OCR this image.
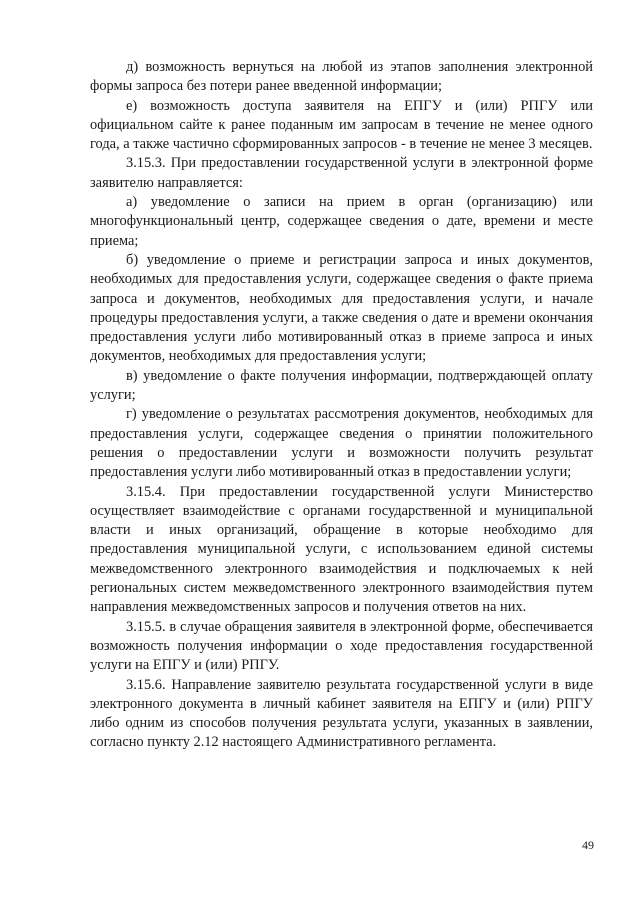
д) возможность вернуться на любой из этапов заполнения электронной формы запроса без потери ранее введенной информации;

е) возможность доступа заявителя на ЕПГУ и (или) РПГУ или официальном сайте к ранее поданным им запросам в течение не менее одного года, а также частично сформированных запросов - в течение не менее 3 месяцев.

3.15.3. При предоставлении государственной услуги в электронной форме заявителю направляется:

а) уведомление о записи на прием в орган (организацию) или многофункциональный центр, содержащее сведения о дате, времени и месте приема;

б) уведомление о приеме и регистрации запроса и иных документов, необходимых для предоставления услуги, содержащее сведения о факте приема запроса и документов, необходимых для предоставления услуги, и начале процедуры предоставления услуги, а также сведения о дате и времени окончания предоставления услуги либо мотивированный отказ в приеме запроса и иных документов, необходимых для предоставления услуги;

в) уведомление о факте получения информации, подтверждающей оплату услуги;

г) уведомление о результатах рассмотрения документов, необходимых для предоставления услуги, содержащее сведения о принятии положительного решения о предоставлении услуги и возможности получить результат предоставления услуги либо мотивированный отказ в предоставлении услуги;

3.15.4. При предоставлении государственной услуги Министерство осуществляет взаимодействие с органами государственной и муниципальной власти и иных организаций, обращение в которые необходимо для предоставления муниципальной услуги, с использованием единой системы межведомственного электронного взаимодействия и подключаемых к ней региональных систем межведомственного электронного взаимодействия путем направления межведомственных запросов и получения ответов на них.

3.15.5. в случае обращения заявителя в электронной форме, обеспечивается возможность получения информации о ходе предоставления государственной услуги на ЕПГУ и (или) РПГУ.

3.15.6. Направление заявителю результата государственной услуги в виде электронного документа в личный кабинет заявителя на ЕПГУ и (или) РПГУ либо одним из способов получения результата услуги, указанных в заявлении, согласно пункту 2.12 настоящего Административного регламента.

49
